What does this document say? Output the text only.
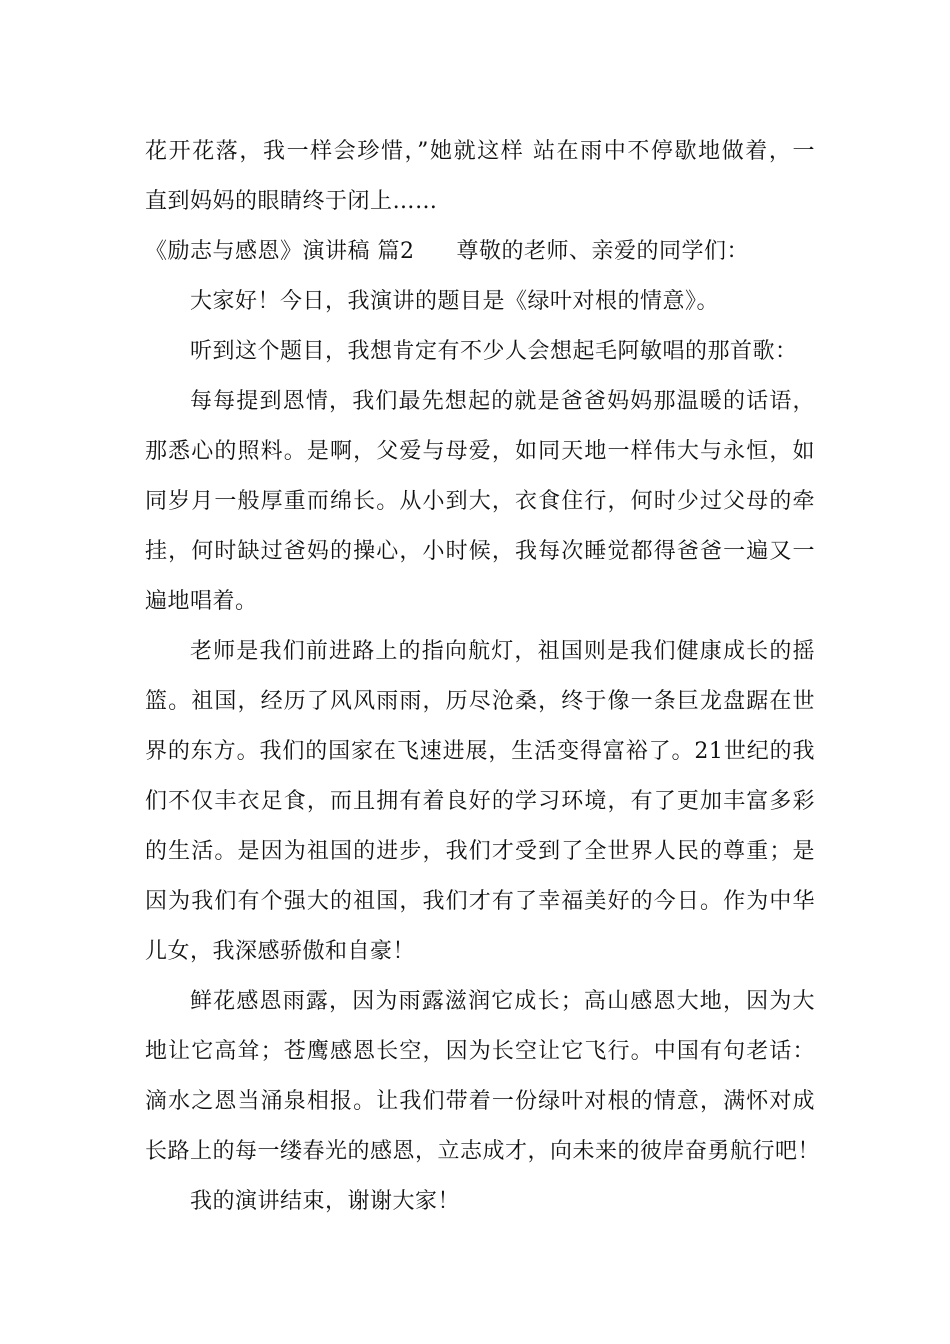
花开花落，我一样会珍惜，”她就这样 站在雨中不停歇地做着，一
直到妈妈的眼睛终于闭上……
《励志与感恩》演讲稿 篇2 尊敬的老师、亲爱的同学们：
大家好！今日，我演讲的题目是《绿叶对根的情意》。
听到这个题目，我想肯定有不少人会想起毛阿敏唱的那首歌：
每每提到恩情，我们最先想起的就是爸爸妈妈那温暖的话语，
那悉心的照料。是啊，父爱与母爱，如同天地一样伟大与永恒，如
同岁月一般厚重而绵长。从小到大，衣食住行，何时少过父母的牵
挂，何时缺过爸妈的操心，小时候，我每次睡觉都得爸爸一遍又一
遍地唱着。
老师是我们前进路上的指向航灯，祖国则是我们健康成长的摇
篮。祖国，经历了风风雨雨，历尽沧桑，终于像一条巨龙盘踞在世
界的东方。我们的国家在飞速进展，生活变得富裕了。21世纪的我
们不仅丰衣足食，而且拥有着良好的学习环境，有了更加丰富多彩
的生活。是因为祖国的进步，我们才受到了全世界人民的尊重；是
因为我们有个强大的祖国，我们才有了幸福美好的今日。作为中华
儿女，我深感骄傲和自豪！
鲜花感恩雨露，因为雨露滋润它成长；高山感恩大地，因为大
地让它高耸；苍鹰感恩长空，因为长空让它飞行。中国有句老话：
滴水之恩当涌泉相报。让我们带着一份绿叶对根的情意，满怀对成
长路上的每一缕春光的感恩，立志成才，向未来的彼岸奋勇航行吧！
我的演讲结束，谢谢大家！
